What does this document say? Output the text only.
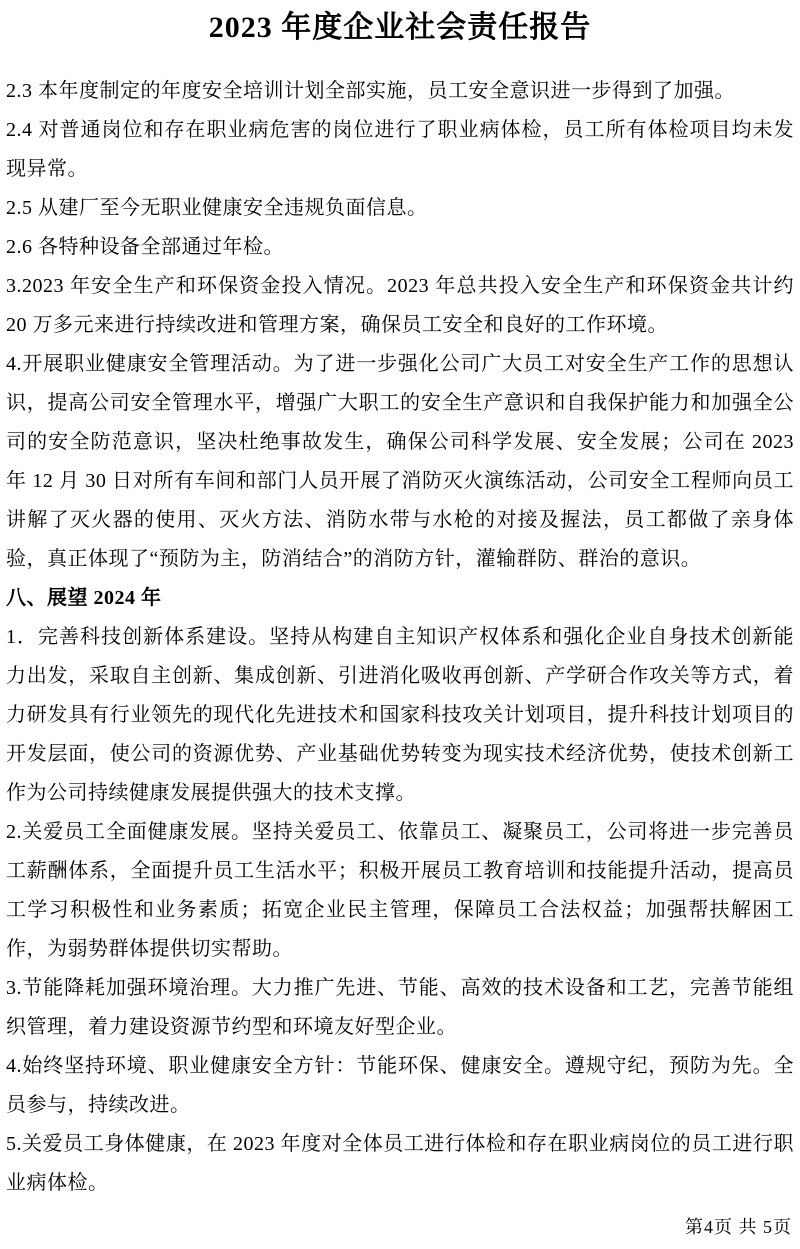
2023 年度企业社会责任报告

2.3 本年度制定的年度安全培训计划全部实施，员工安全意识进一步得到了加强。

2.4 对普通岗位和存在职业病危害的岗位进行了职业病体检，员工所有体检项目均未发现异常。

2.5 从建厂至今无职业健康安全违规负面信息。

2.6 各特种设备全部通过年检。

3.2023 年安全生产和环保资金投入情况。2023 年总共投入安全生产和环保资金共计约 20 万多元来进行持续改进和管理方案，确保员工安全和良好的工作环境。

4.开展职业健康安全管理活动。为了进一步强化公司广大员工对安全生产工作的思想认识，提高公司安全管理水平，增强广大职工的安全生产意识和自我保护能力和加强全公司的安全防范意识，坚决杜绝事故发生，确保公司科学发展、安全发展；公司在 2023 年 12 月 30 日对所有车间和部门人员开展了消防灭火演练活动，公司安全工程师向员工讲解了灭火器的使用、灭火方法、消防水带与水枪的对接及握法，员工都做了亲身体验，真正体现了“预防为主，防消结合”的消防方针，灌输群防、群治的意识。

八、展望 2024 年

1．完善科技创新体系建设。坚持从构建自主知识产权体系和强化企业自身技术创新能力出发，采取自主创新、集成创新、引进消化吸收再创新、产学研合作攻关等方式，着力研发具有行业领先的现代化先进技术和国家科技攻关计划项目，提升科技计划项目的开发层面，使公司的资源优势、产业基础优势转变为现实技术经济优势，使技术创新工作为公司持续健康发展提供强大的技术支撑。

2.关爱员工全面健康发展。坚持关爱员工、依靠员工、凝聚员工，公司将进一步完善员工薪酬体系，全面提升员工生活水平；积极开展员工教育培训和技能提升活动，提高员工学习积极性和业务素质；拓宽企业民主管理，保障员工合法权益；加强帮扶解困工作，为弱势群体提供切实帮助。

3.节能降耗加强环境治理。大力推广先进、节能、高效的技术设备和工艺，完善节能组织管理，着力建设资源节约型和环境友好型企业。

4.始终坚持环境、职业健康安全方针：节能环保、健康安全。遵规守纪，预防为先。全员参与，持续改进。

5.关爱员工身体健康，在 2023 年度对全体员工进行体检和存在职业病岗位的员工进行职业病体检。

第4页 共 5页
